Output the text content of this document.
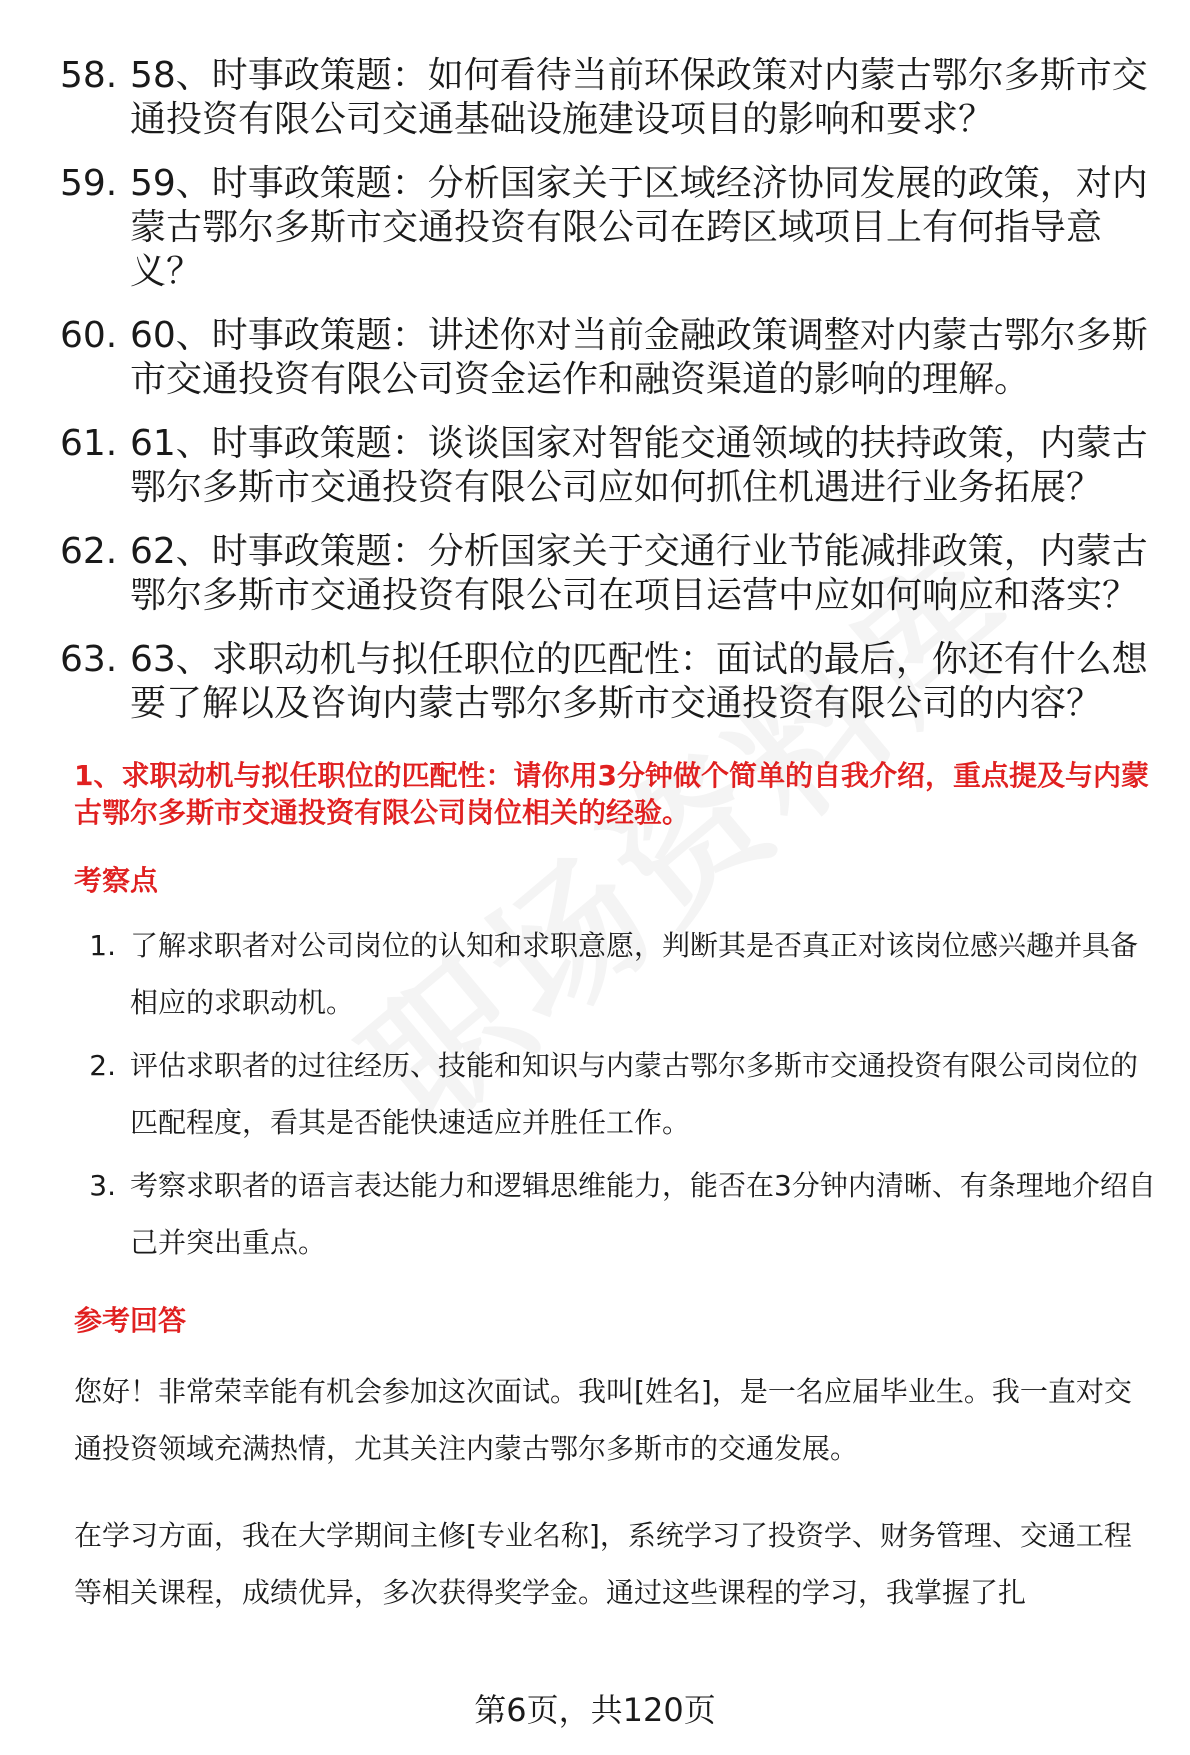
58. 58、时事政策题：如何看待当前环保政策对内蒙古鄂尔多斯市交通投资有限公司交通基础设施建设项目的影响和要求？
59. 59、时事政策题：分析国家关于区域经济协同发展的政策，对内蒙古鄂尔多斯市交通投资有限公司在跨区域项目上有何指导意义？
60. 60、时事政策题：讲述你对当前金融政策调整对内蒙古鄂尔多斯市交通投资有限公司资金运作和融资渠道的影响的理解。
61. 61、时事政策题：谈谈国家对智能交通领域的扶持政策，内蒙古鄂尔多斯市交通投资有限公司应如何抓住机遇进行业务拓展？
62. 62、时事政策题：分析国家关于交通行业节能减排政策，内蒙古鄂尔多斯市交通投资有限公司在项目运营中应如何响应和落实？
63. 63、求职动机与拟任职位的匹配性：面试的最后，你还有什么想要了解以及咨询内蒙古鄂尔多斯市交通投资有限公司的内容？

1、求职动机与拟任职位的匹配性：请你用3分钟做个简单的自我介绍，重点提及与内蒙古鄂尔多斯市交通投资有限公司岗位相关的经验。

考察点

1. 了解求职者对公司岗位的认知和求职意愿，判断其是否真正对该岗位感兴趣并具备相应的求职动机。
2. 评估求职者的过往经历、技能和知识与内蒙古鄂尔多斯市交通投资有限公司岗位的匹配程度，看其是否能快速适应并胜任工作。
3. 考察求职者的语言表达能力和逻辑思维能力，能否在3分钟内清晰、有条理地介绍自己并突出重点。

参考回答

您好！非常荣幸能有机会参加这次面试。我叫[姓名]，是一名应届毕业生。我一直对交通投资领域充满热情，尤其关注内蒙古鄂尔多斯市的交通发展。

在学习方面，我在大学期间主修[专业名称]，系统学习了投资学、财务管理、交通工程等相关课程，成绩优异，多次获得奖学金。通过这些课程的学习，我掌握了扎

第6页，共120页
